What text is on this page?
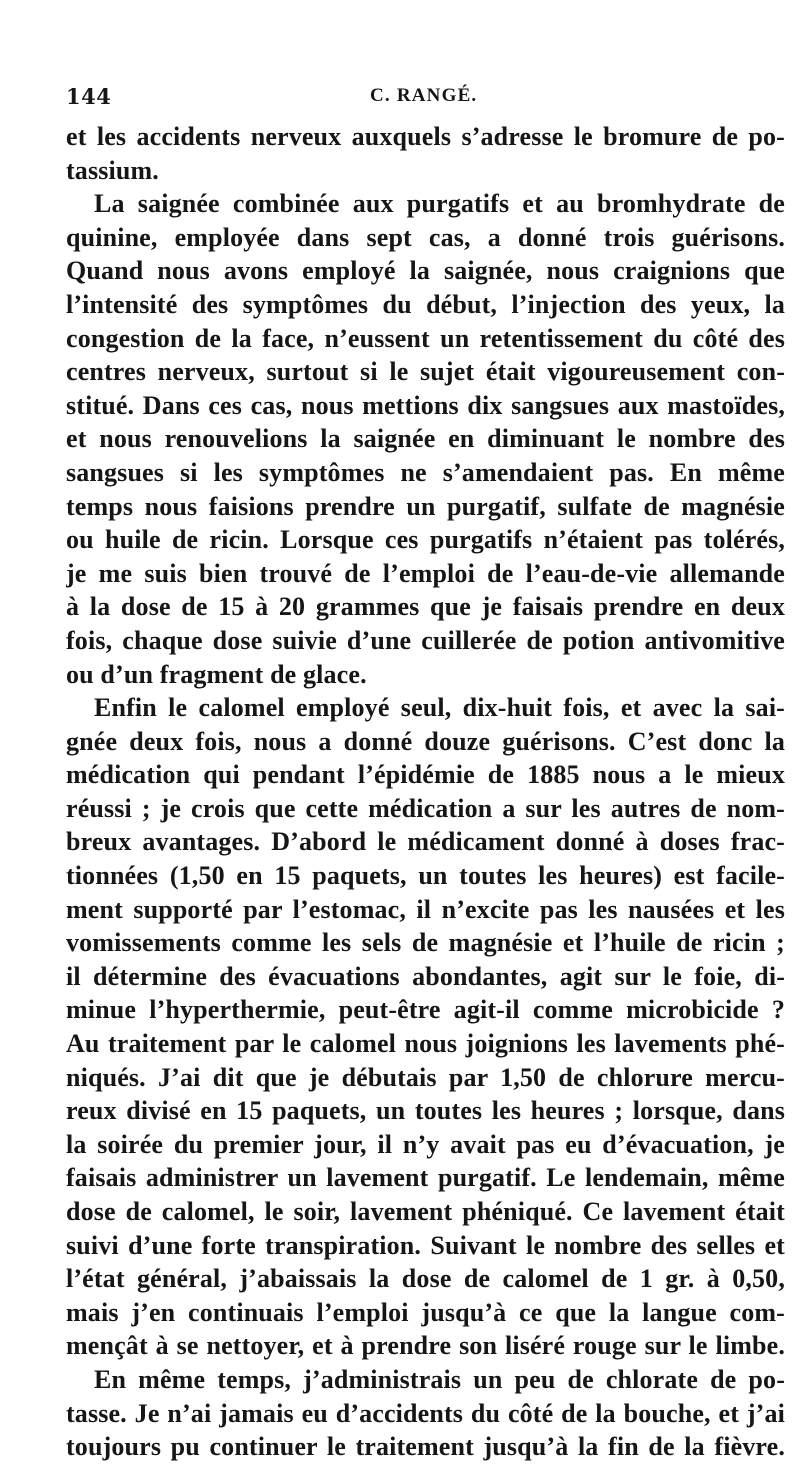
144	C. RANGÉ.
et les accidents nerveux auxquels s’adresse le bromure de po-
tassium.
La saignée combinée aux purgatifs et au bromhydrate de
quinine, employée dans sept cas, a donné trois guérisons.
Quand nous avons employé la saignée, nous craignions que
l’intensité des symptômes du début, l’injection des yeux, la
congestion de la face, n’eussent un retentissement du côté des
centres nerveux, surtout si le sujet était vigoureusement con-
stitué. Dans ces cas, nous mettions dix sangsues aux mastoïdes,
et nous renouvelions la saignée en diminuant le nombre des
sangsues si les symptômes ne s’amendaient pas. En même
temps nous faisions prendre un purgatif, sulfate de magnésie
ou huile de ricin. Lorsque ces purgatifs n’étaient pas tolérés,
je me suis bien trouvé de l’emploi de l’eau-de-vie allemande
à la dose de 15 à 20 grammes que je faisais prendre en deux
fois, chaque dose suivie d’une cuillerée de potion antivomitive
ou d’un fragment de glace.
Enfin le calomel employé seul, dix-huit fois, et avec la sai-
gnée deux fois, nous a donné douze guérisons. C’est donc la
médication qui pendant l’épidémie de 1885 nous a le mieux
réussi ; je crois que cette médication a sur les autres de nom-
breux avantages. D’abord le médicament donné à doses frac-
tionnées (1,50 en 15 paquets, un toutes les heures) est facile-
ment supporté par l’estomac, il n’excite pas les nausées et les
vomissements comme les sels de magnésie et l’huile de ricin ;
il détermine des évacuations abondantes, agit sur le foie, di-
minue l’hyperthermie, peut-être agit-il comme microbicide ?
Au traitement par le calomel nous joignions les lavements phé-
niqués. J’ai dit que je débutais par 1,50 de chlorure mercu-
reux divisé en 15 paquets, un toutes les heures ; lorsque, dans
la soirée du premier jour, il n’y avait pas eu d’évacuation, je
faisais administrer un lavement purgatif. Le lendemain, même
dose de calomel, le soir, lavement phéniqué. Ce lavement était
suivi d’une forte transpiration. Suivant le nombre des selles et
l’état général, j’abaissais la dose de calomel de 1 gr. à 0,50,
mais j’en continuais l’emploi jusqu’à ce que la langue com-
mençât à se nettoyer, et à prendre son liséré rouge sur le limbe.
En même temps, j’administrais un peu de chlorate de po-
tasse. Je n’ai jamais eu d’accidents du côté de la bouche, et j’ai
toujours pu continuer le traitement jusqu’à la fin de la fièvre.
